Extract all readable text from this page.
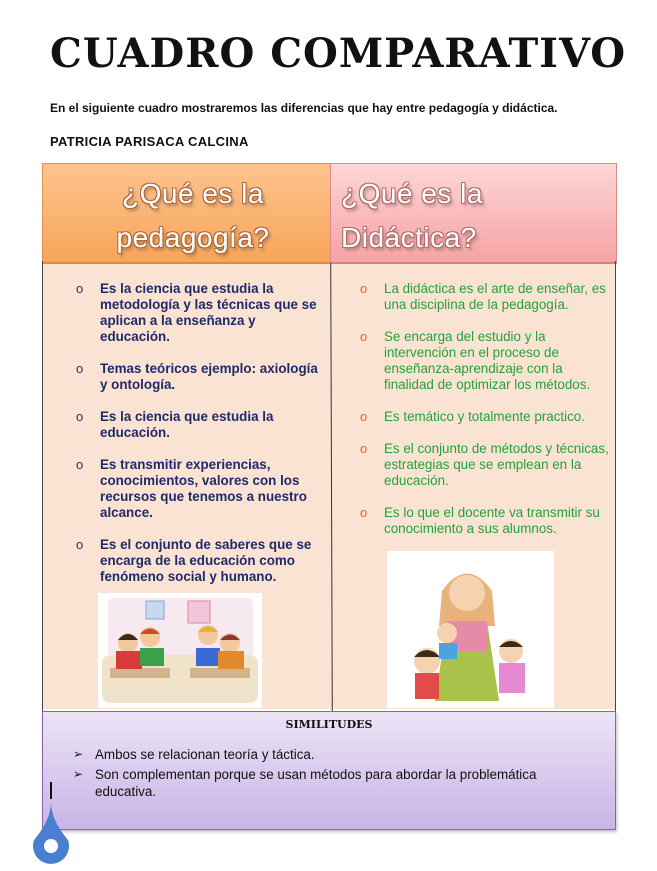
CUADRO COMPARATIVO
En el siguiente cuadro mostraremos las diferencias que hay entre pedagogía y didáctica.
PATRICIA PARISACA CALCINA
¿Qué es la
pedagogía?
¿Qué es la
Didáctica?
o Es la ciencia que estudia la metodología y las técnicas que se aplican a la enseñanza y educación.
o Temas teóricos ejemplo: axiología y ontología.
o Es la ciencia que estudia la educación.
o Es transmitir experiencias, conocimientos, valores con los recursos que tenemos a nuestro alcance.
o Es el conjunto de saberes que se encarga de la educación como fenómeno social y humano.
o La didáctica es el arte de enseñar, es una disciplina de la pedagogía.
o Se encarga del estudio y la intervención en el proceso de enseñanza-aprendizaje con la finalidad de optimizar los métodos.
o Es temático y totalmente practico.
o Es el conjunto de métodos y técnicas, estrategias que se emplean en la educación.
o Es lo que el docente va transmitir su conocimiento a sus alumnos.
SIMILITUDES
➢ Ambos se relacionan teoría y táctica.
➢ Son complementan porque se usan métodos para abordar la problemática educativa.
